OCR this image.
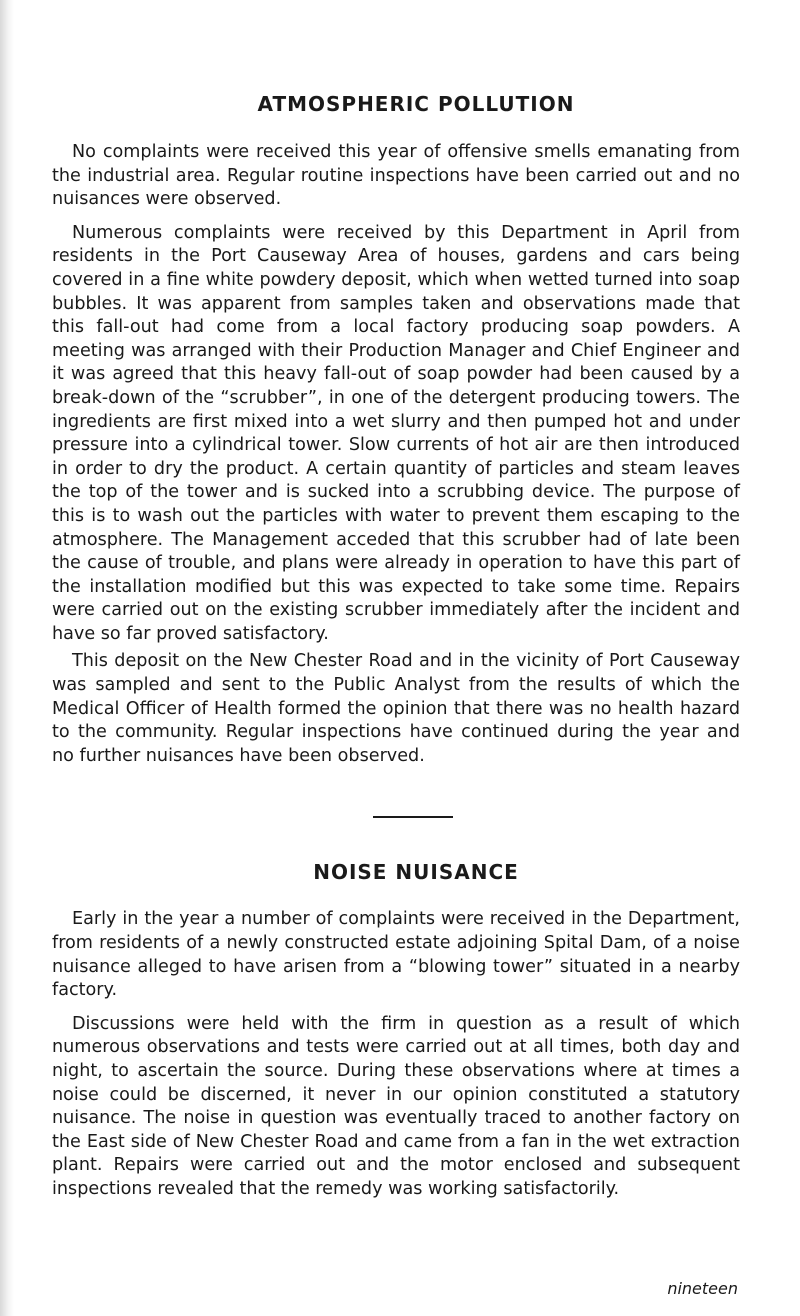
ATMOSPHERIC POLLUTION

No complaints were received this year of offensive smells emanating from the industrial area. Regular routine inspections have been carried out and no nuisances were observed.

Numerous complaints were received by this Department in April from residents in the Port Causeway Area of houses, gardens and cars being covered in a fine white powdery deposit, which when wetted turned into soap bubbles. It was apparent from samples taken and observations made that this fall-out had come from a local factory producing soap powders. A meeting was arranged with their Production Manager and Chief Engineer and it was agreed that this heavy fall-out of soap powder had been caused by a break-down of the “scrubber”, in one of the detergent producing towers. The ingredients are first mixed into a wet slurry and then pumped hot and under pressure into a cylindrical tower. Slow currents of hot air are then introduced in order to dry the product. A certain quantity of particles and steam leaves the top of the tower and is sucked into a scrubbing device. The purpose of this is to wash out the particles with water to prevent them escaping to the atmosphere. The Management acceded that this scrubber had of late been the cause of trouble, and plans were already in operation to have this part of the installation modified but this was expected to take some time. Repairs were carried out on the existing scrubber immediately after the incident and have so far proved satisfactory.

This deposit on the New Chester Road and in the vicinity of Port Causeway was sampled and sent to the Public Analyst from the results of which the Medical Officer of Health formed the opinion that there was no health hazard to the community. Regular inspections have continued during the year and no further nuisances have been observed.

NOISE NUISANCE

Early in the year a number of complaints were received in the Department, from residents of a newly constructed estate adjoining Spital Dam, of a noise nuisance alleged to have arisen from a “blowing tower” situated in a nearby factory.

Discussions were held with the firm in question as a result of which numerous observations and tests were carried out at all times, both day and night, to ascertain the source. During these observations where at times a noise could be discerned, it never in our opinion constituted a statutory nuisance. The noise in question was eventually traced to another factory on the East side of New Chester Road and came from a fan in the wet extraction plant. Repairs were carried out and the motor enclosed and subsequent inspections revealed that the remedy was working satisfactorily.

nineteen
